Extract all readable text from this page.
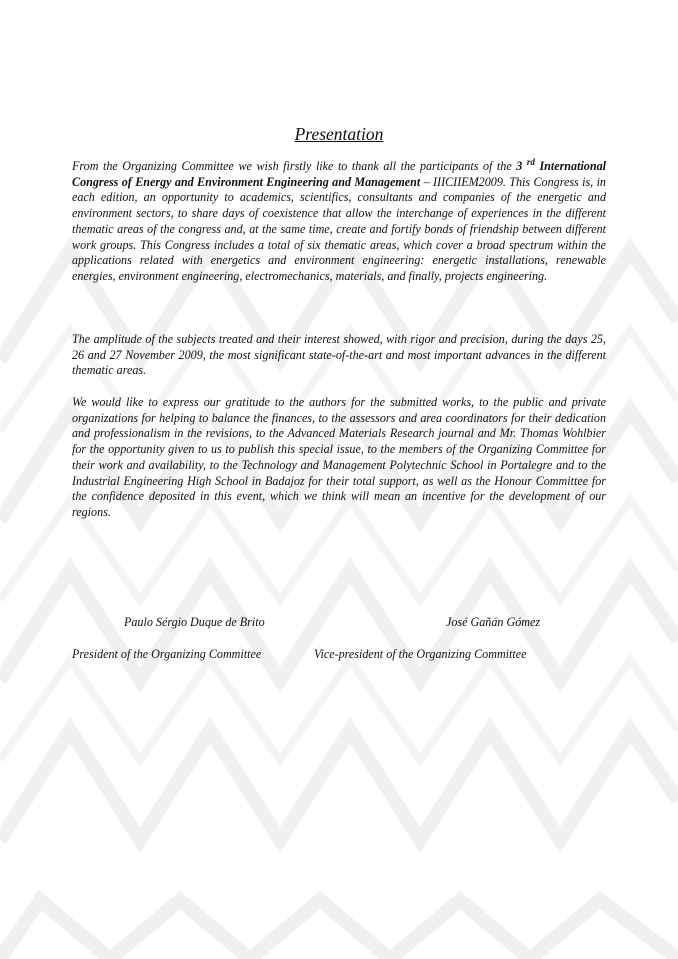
Presentation

From the Organizing Committee we wish firstly like to thank all the participants of the 3 $^{rd}$ International Congress of Energy and Environment Engineering and Management – IIICIIEM2009. This Congress is, in each edition, an opportunity to academics, scientifics, consultants and companies of the energetic and environment sectors, to share days of coexistence that allow the interchange of experiences in the different thematic areas of the congress and, at the same time, create and fortify bonds of friendship between different work groups. This Congress includes a total of six thematic areas, which cover a broad spectrum within the applications related with energetics and environment engineering: energetic installations, renewable energies, environment engineering, electromechanics, materials, and finally, projects engineering.

The amplitude of the subjects treated and their interest showed, with rigor and precision, during the days 25, 26 and 27 November 2009, the most significant state-of-the-art and most important advances in the different thematic areas.

We would like to express our gratitude to the authors for the submitted works, to the public and private organizations for helping to balance the finances, to the assessors and area coordinators for their dedication and professionalism in the revisions, to the Advanced Materials Research journal and Mr. Thomas Wohlbier for the opportunity given to us to publish this special issue, to the members of the Organizing Committee for their work and availability, to the Technology and Management Polytechnic School in Portalegre and to the Industrial Engineering High School in Badajoz for their total support, as well as the Honour Committee for the confidence deposited in this event, which we think will mean an incentive for the development of our regions.

Paulo Sérgio Duque de Brito	José Gañán Gómez
President of the Organizing Committee	Vice-president of the Organizing Committee
